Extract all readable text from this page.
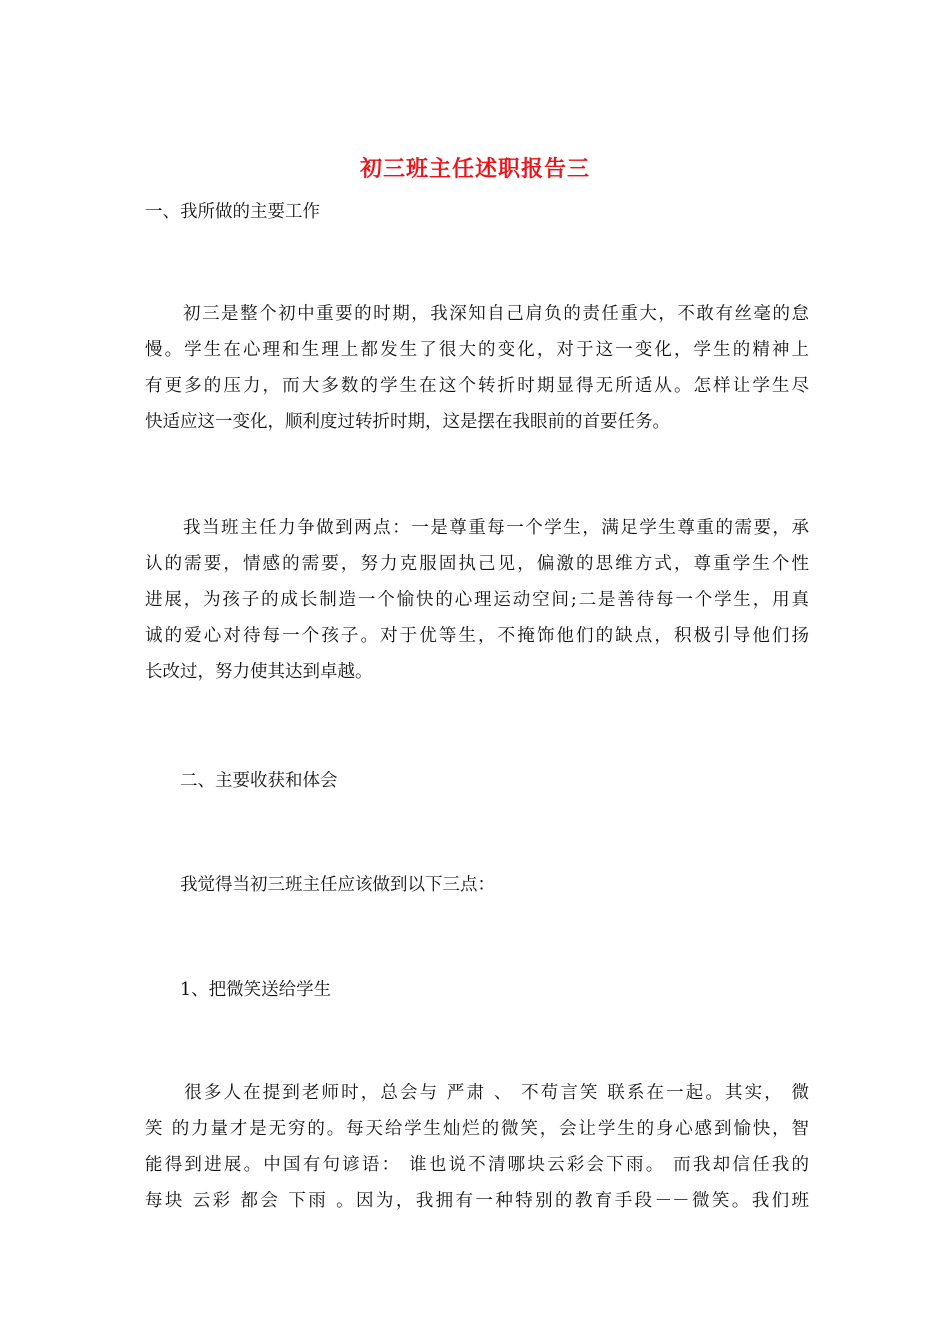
初三班主任述职报告三

一、我所做的主要工作

　　初三是整个初中重要的时期，我深知自己肩负的责任重大，不敢有丝毫的怠
慢。学生在心理和生理上都发生了很大的变化，对于这一变化，学生的精神上
有更多的压力，而大多数的学生在这个转折时期显得无所适从。怎样让学生尽
快适应这一变化，顺利度过转折时期，这是摆在我眼前的首要任务。
　　我当班主任力争做到两点：一是尊重每一个学生，满足学生尊重的需要，承
认的需要，情感的需要，努力克服固执己见，偏激的思维方式，尊重学生个性
进展，为孩子的成长制造一个愉快的心理运动空间;二是善待每一个学生，用真
诚的爱心对待每一个孩子。对于优等生，不掩饰他们的缺点，积极引导他们扬
长改过，努力使其达到卓越。

　　二、主要收获和体会

　　我觉得当初三班主任应该做到以下三点：

　　1、把微笑送给学生

　　很多人在提到老师时，总会与 严肃 、 不苟言笑 联系在一起。其实， 微
笑 的力量才是无穷的。每天给学生灿烂的微笑，会让学生的身心感到愉快，智
能得到进展。中国有句谚语： 谁也说不清哪块云彩会下雨。 而我却信任我的
每块 云彩 都会 下雨 。因为，我拥有一种特别的教育手段－－微笑。我们班
